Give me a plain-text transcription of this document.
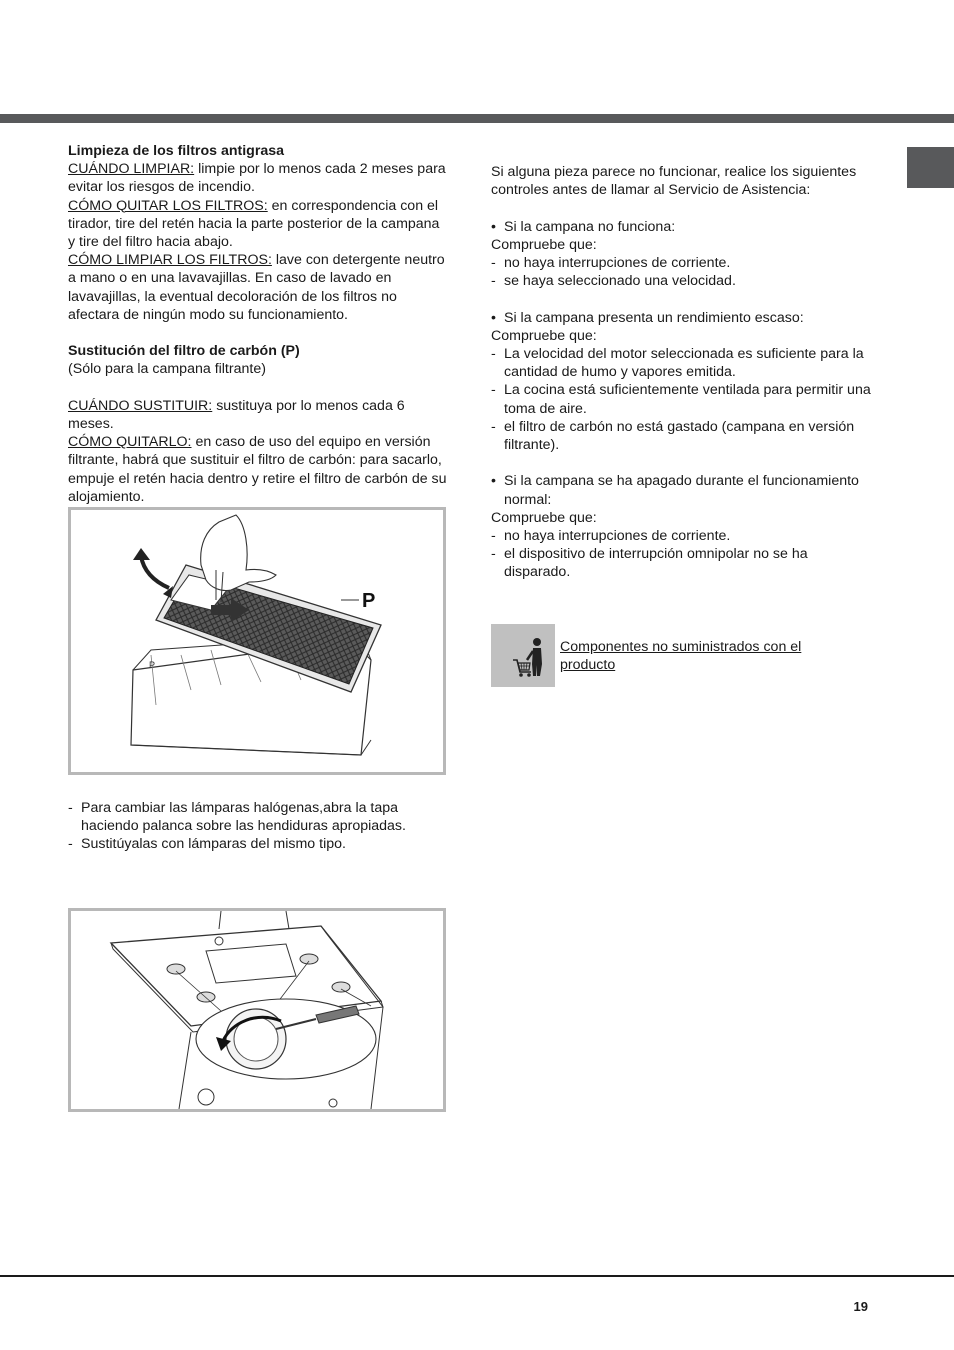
Limpieza de los filtros antigrasa

CUÁNDO LIMPIAR: limpie por lo menos cada 2 meses para evitar los riesgos de incendio.

CÓMO QUITAR LOS FILTROS: en correspondencia con el tirador, tire del retén hacia la parte posterior de la campana y tire del filtro hacia abajo.

CÓMO LIMPIAR LOS FILTROS: lave con detergente neutro a mano o en una lavavajillas. En caso de lavado en lavavajillas, la eventual decoloración de los filtros no afectara de ningún modo su funcionamiento.

Sustitución del filtro de carbón (P)

(Sólo para la campana filtrante)

CUÁNDO SUSTITUIR: sustituya por lo menos cada 6 meses.

CÓMO QUITARLO: en caso de uso del equipo en versión filtrante, habrá que sustituir el filtro de carbón: para sacarlo, empuje el retén hacia dentro y retire el filtro de carbón de su alojamiento.

P
P

- Para cambiar las lámparas halógenas,abra la tapa haciendo palanca sobre las hendiduras apropiadas.

- Sustitúyalas con lámparas del mismo tipo.

Si alguna pieza parece no funcionar, realice los siguientes controles antes de llamar al Servicio de Asistencia:

• Si la campana no funciona:

Compruebe que:

- no haya interrupciones de corriente.

- se haya seleccionado una velocidad.

• Si la campana presenta un rendimiento escaso:

Compruebe que:

- La velocidad del motor seleccionada es suficiente para la cantidad de humo y vapores emitida.

- La cocina está suficientemente ventilada para permitir una toma de aire.

- el filtro de carbón no está gastado (campana en versión filtrante).

• Si la campana se ha apagado durante el funcionamiento normal:

Compruebe que:

- no haya interrupciones de corriente.

- el dispositivo de interrupción omnipolar no se ha disparado.

Componentes no suministrados con el producto

19
